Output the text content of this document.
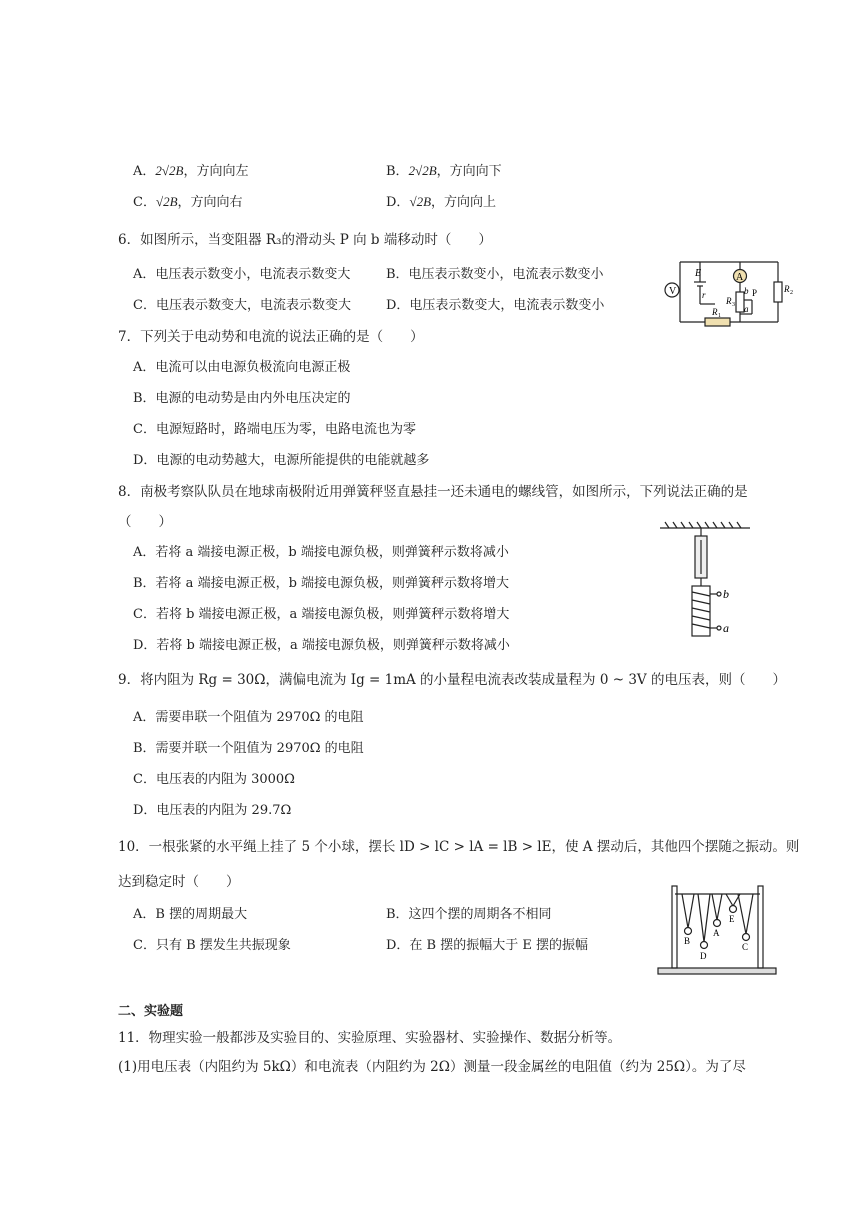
A．2√2B，方向向左	B．2√2B，方向向下
C．√2B，方向向右	D．√2B，方向向上
6．如图所示，当变阻器 R₃的滑动头 P 向 b 端移动时（　　）
A．电压表示数变小，电流表示数变大	B．电压表示数变小，电流表示数变小
C．电压表示数变大，电流表示数变大	D．电压表示数变大，电流表示数变小
V
A
E
r
R 1
R 2
R 3
b P
a
7．下列关于电动势和电流的说法正确的是（　　）
A．电流可以由电源负极流向电源正极
B．电源的电动势是由内外电压决定的
C．电源短路时，路端电压为零，电路电流也为零
D．电源的电动势越大，电源所能提供的电能就越多
8．南极考察队队员在地球南极附近用弹簧秤竖直悬挂一还未通电的螺线管，如图所示，下列说法正确的是
（　　）
A．若将 a 端接电源正极，b 端接电源负极，则弹簧秤示数将减小
B．若将 a 端接电源正极，b 端接电源负极，则弹簧秤示数将增大
C．若将 b 端接电源正极，a 端接电源负极，则弹簧秤示数将增大
D．若将 b 端接电源正极，a 端接电源负极，则弹簧秤示数将减小
b
a
9．将内阻为 Rg = 30Ω，满偏电流为 Ig = 1mA 的小量程电流表改装成量程为 0 ~ 3V 的电压表，则（　　）
A．需要串联一个阻值为 2970Ω 的电阻
B．需要并联一个阻值为 2970Ω 的电阻
C．电压表的内阻为 3000Ω
D．电压表的内阻为 29.7Ω
10．一根张紧的水平绳上挂了 5 个小球，摆长 lD > lC > lA = lB > lE，使 A 摆动后，其他四个摆随之振动。则
达到稳定时（　　）
A．B 摆的周期最大	B．这四个摆的周期各不相同
C．只有 B 摆发生共振现象	D．在 B 摆的振幅大于 E 摆的振幅	B
D
A
E
C
二、实验题
11．物理实验一般都涉及实验目的、实验原理、实验器材、实验操作、数据分析等。
(1)用电压表（内阻约为 5kΩ）和电流表（内阻约为 2Ω）测量一段金属丝的电阻值（约为 25Ω）。为了尽
